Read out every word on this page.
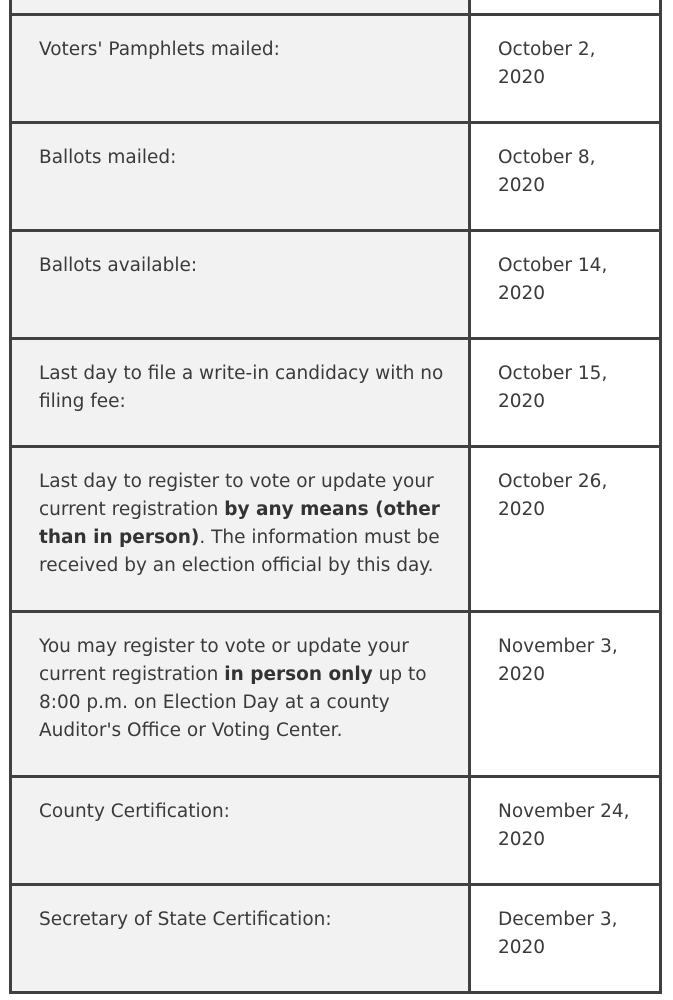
Voters' Pamphlets mailed:	October 2, 2020

Ballots mailed:	October 8, 2020

Ballots available:	October 14, 2020

Last day to file a write-in candidacy with no filing fee:	October 15, 2020

Last day to register to vote or update your current registration by any means (other than in person). The information must be received by an election official by this day.	October 26, 2020

You may register to vote or update your current registration in person only up to 8:00 p.m. on Election Day at a county Auditor's Office or Voting Center.	November 3, 2020

County Certification:	November 24, 2020

Secretary of State Certification:	December 3, 2020
